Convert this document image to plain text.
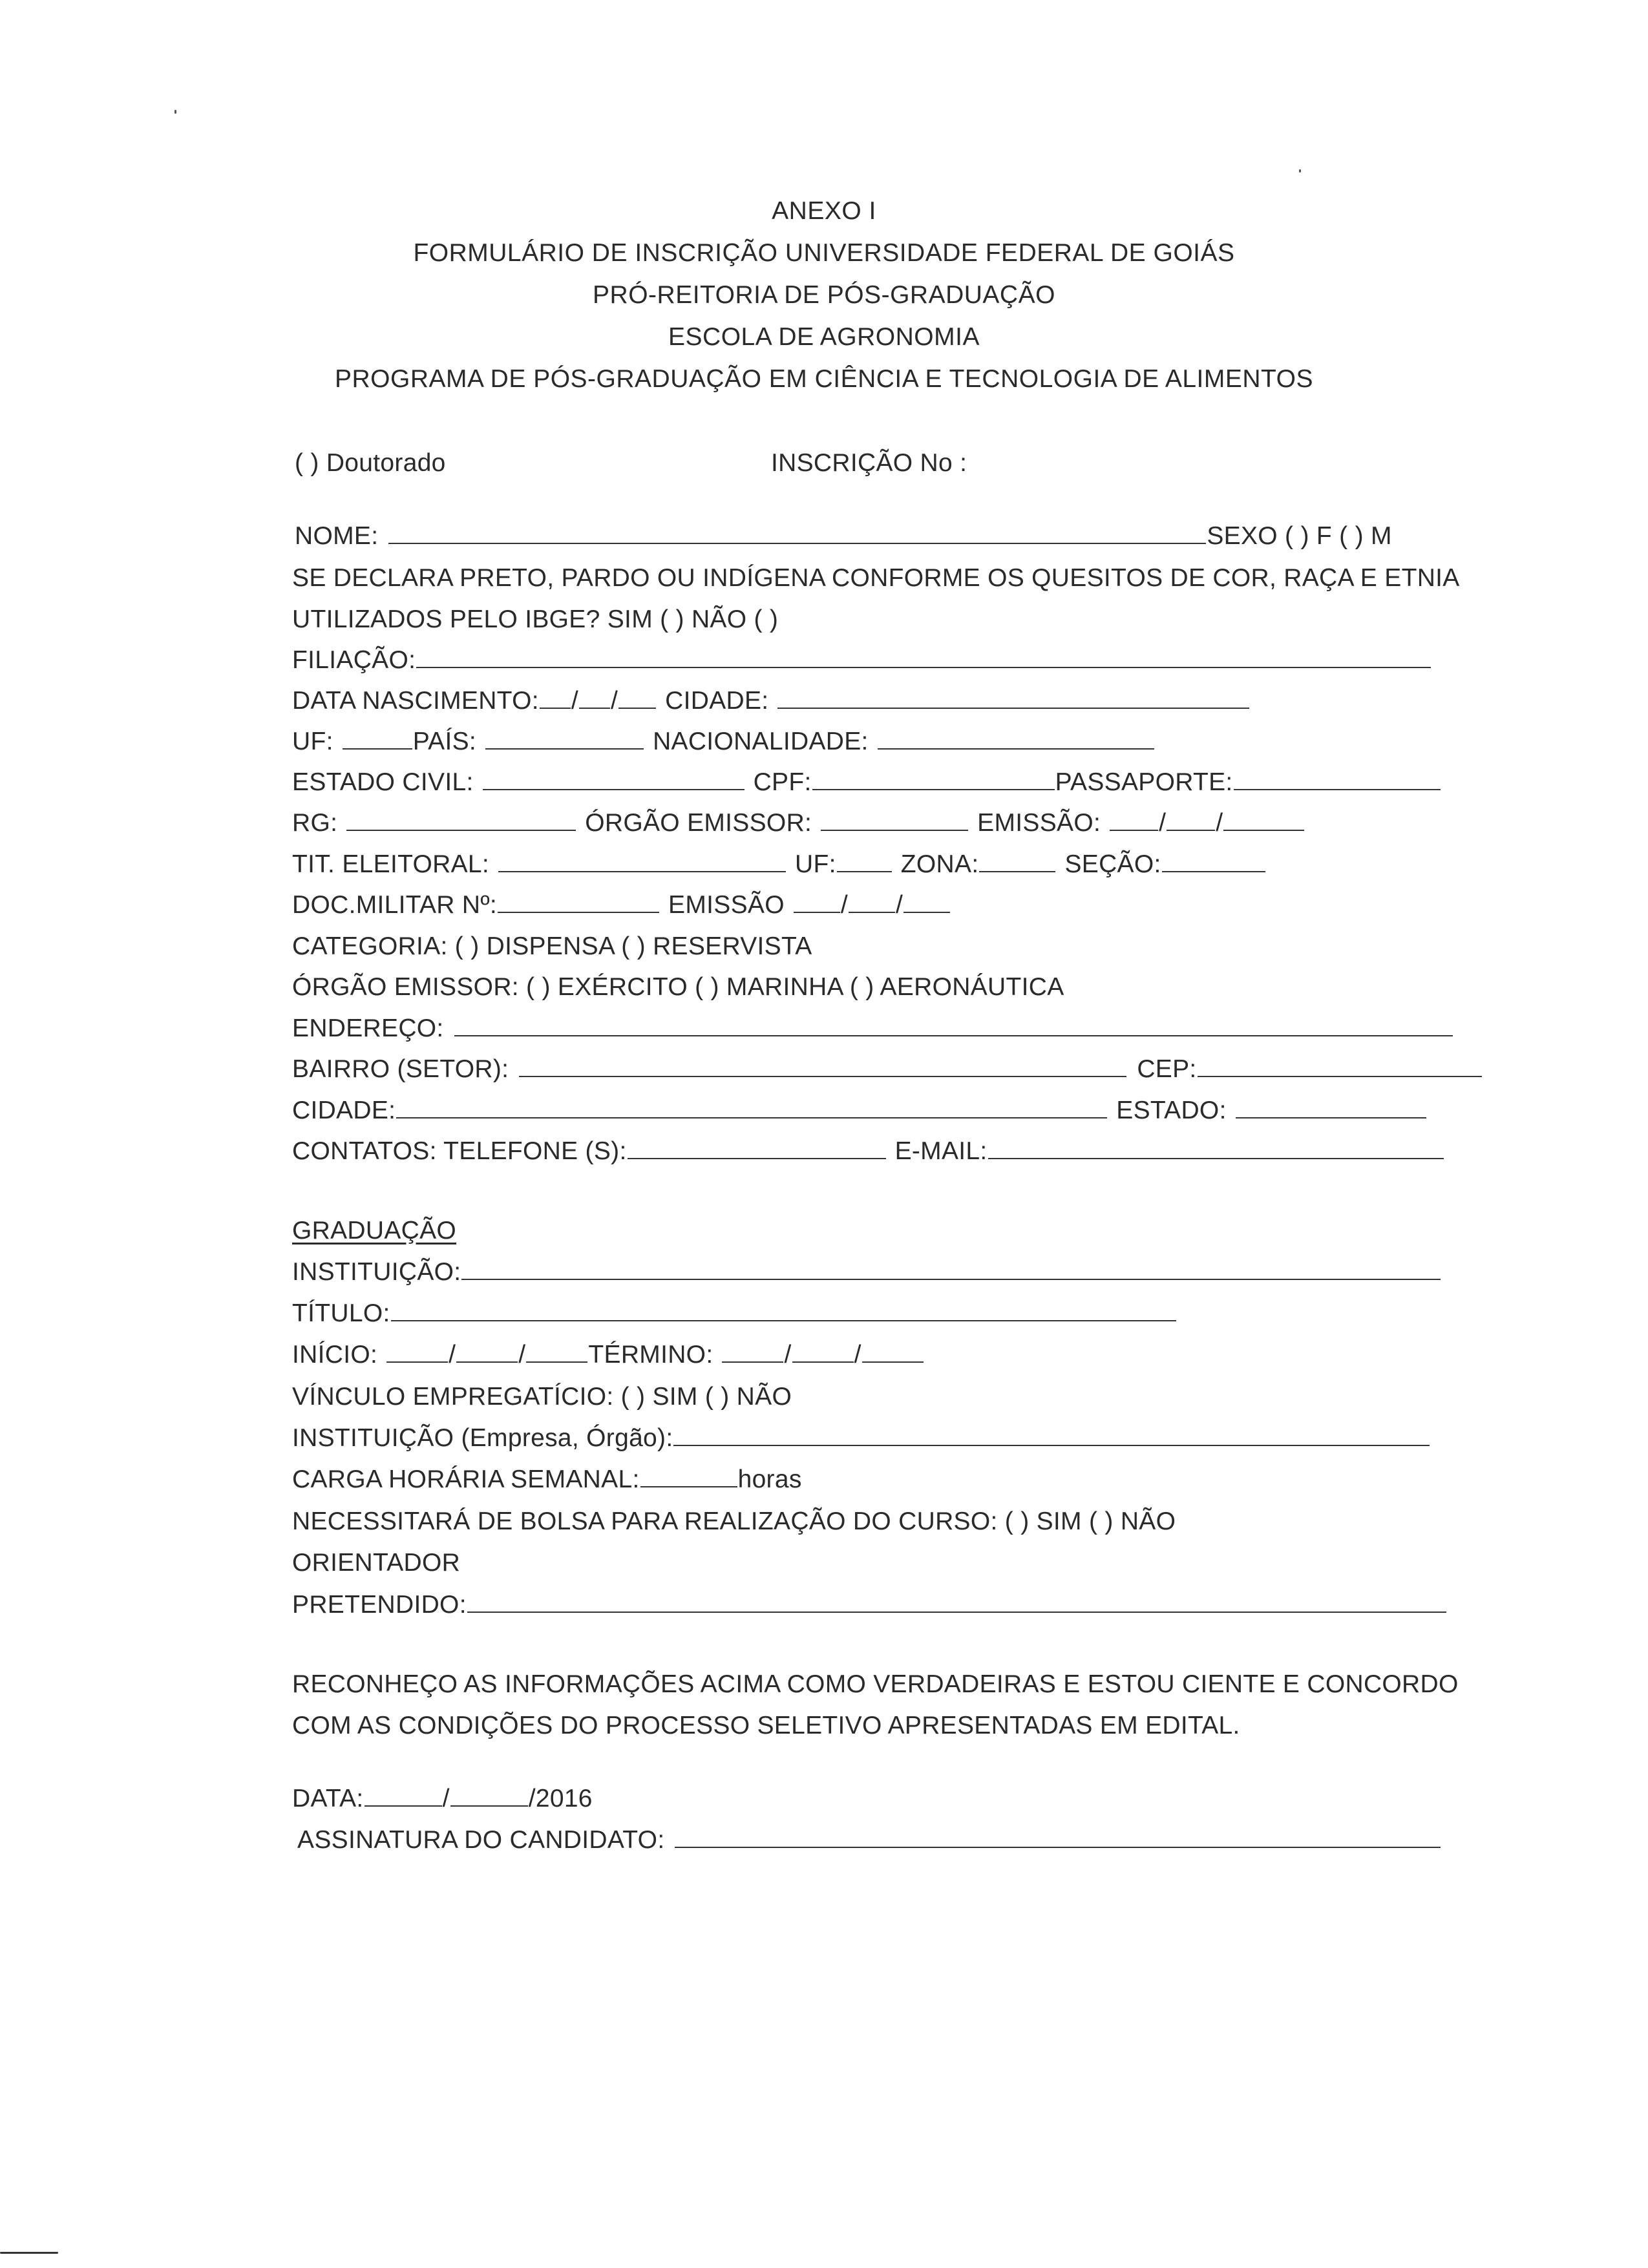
ANEXO I
FORMULÁRIO DE INSCRIÇÃO UNIVERSIDADE FEDERAL DE GOIÁS
PRÓ-REITORIA DE PÓS-GRADUAÇÃO
ESCOLA DE AGRONOMIA
PROGRAMA DE PÓS-GRADUAÇÃO EM CIÊNCIA E TECNOLOGIA DE ALIMENTOS
( ) Doutorado	INSCRIÇÃO No :
NOME:	SEXO ( ) F ( ) M
SE DECLARA PRETO, PARDO OU INDÍGENA CONFORME OS QUESITOS DE COR, RAÇA E ETNIA
UTILIZADOS PELO IBGE? SIM ( ) NÃO ( )
FILIAÇÃO:
DATA NASCIMENTO: / / CIDADE:
UF:	PAÍS:	NACIONALIDADE:
ESTADO CIVIL:	CPF:	PASSAPORTE:
RG:	ÓRGÃO EMISSOR:	EMISSÃO: / /
TIT. ELEITORAL:	UF:	ZONA:	SEÇÃO:
DOC.MILITAR Nº:	EMISSÃO / /
CATEGORIA: ( ) DISPENSA ( ) RESERVISTA
ÓRGÃO EMISSOR: ( ) EXÉRCITO ( ) MARINHA ( ) AERONÁUTICA
ENDEREÇO:
BAIRRO (SETOR):	CEP:
CIDADE:	ESTADO:
CONTATOS: TELEFONE (S):	E-MAIL:
GRADUAÇÃO
INSTITUIÇÃO:
TÍTULO:
INÍCIO:	/ / TÉRMINO:	/ /
VÍNCULO EMPREGATÍCIO: ( ) SIM ( ) NÃO
INSTITUIÇÃO (Empresa, Órgão):
CARGA HORÁRIA SEMANAL:	horas
NECESSITARÁ DE BOLSA PARA REALIZAÇÃO DO CURSO: ( ) SIM ( ) NÃO
ORIENTADOR
PRETENDIDO:
RECONHEÇO AS INFORMAÇÕES ACIMA COMO VERDADEIRAS E ESTOU CIENTE E CONCORDO
COM AS CONDIÇÕES DO PROCESSO SELETIVO APRESENTADAS EM EDITAL.
DATA:	/	/2016
ASSINATURA DO CANDIDATO:
